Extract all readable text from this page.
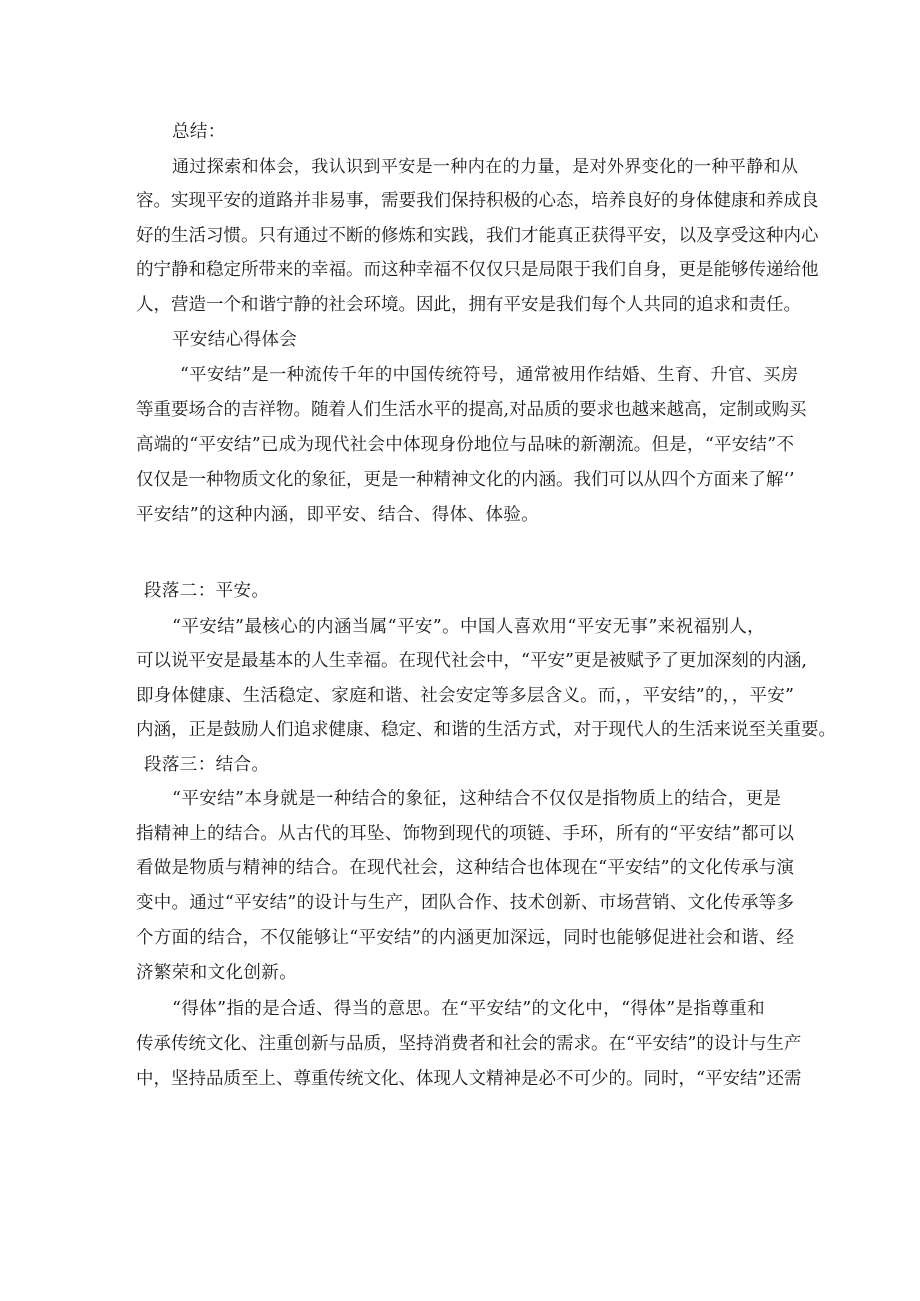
总结：
通过探索和体会，我认识到平安是一种内在的力量，是对外界变化的一种平静和从
容。实现平安的道路并非易事，需要我们保持积极的心态，培养良好的身体健康和养成良
好的生活习惯。只有通过不断的修炼和实践，我们才能真正获得平安，以及享受这种内心
的宁静和稳定所带来的幸福。而这种幸福不仅仅只是局限于我们自身，更是能够传递给他
人，营造一个和谐宁静的社会环境。因此，拥有平安是我们每个人共同的追求和责任。
平安结心得体会
“平安结”是一种流传千年的中国传统符号，通常被用作结婚、生育、升官、买房
等重要场合的吉祥物。随着人们生活水平的提高,对品质的要求也越来越高，定制或购买
高端的“平安结”已成为现代社会中体现身份地位与品味的新潮流。但是，“平安结”不
仅仅是一种物质文化的象征，更是一种精神文化的内涵。我们可以从四个方面来了解‘’
平安结”的这种内涵，即平安、结合、得体、体验。
段落二：平安。
“平安结”最核心的内涵当属“平安”。中国人喜欢用“平安无事”来祝福别人，
可以说平安是最基本的人生幸福。在现代社会中，“平安”更是被赋予了更加深刻的内涵,
即身体健康、生活稳定、家庭和谐、社会安定等多层含义。而，，平安结”的，，平安”
内涵，正是鼓励人们追求健康、稳定、和谐的生活方式，对于现代人的生活来说至关重要。
段落三：结合。
“平安结”本身就是一种结合的象征，这种结合不仅仅是指物质上的结合，更是
指精神上的结合。从古代的耳坠、饰物到现代的项链、手环，所有的“平安结”都可以
看做是物质与精神的结合。在现代社会，这种结合也体现在“平安结”的文化传承与演
变中。通过“平安结”的设计与生产，团队合作、技术创新、市场营销、文化传承等多
个方面的结合，不仅能够让“平安结”的内涵更加深远，同时也能够促进社会和谐、经
济繁荣和文化创新。
“得体”指的是合适、得当的意思。在“平安结”的文化中，“得体”是指尊重和
传承传统文化、注重创新与品质，坚持消费者和社会的需求。在“平安结”的设计与生产
中，坚持品质至上、尊重传统文化、体现人文精神是必不可少的。同时，“平安结”还需
